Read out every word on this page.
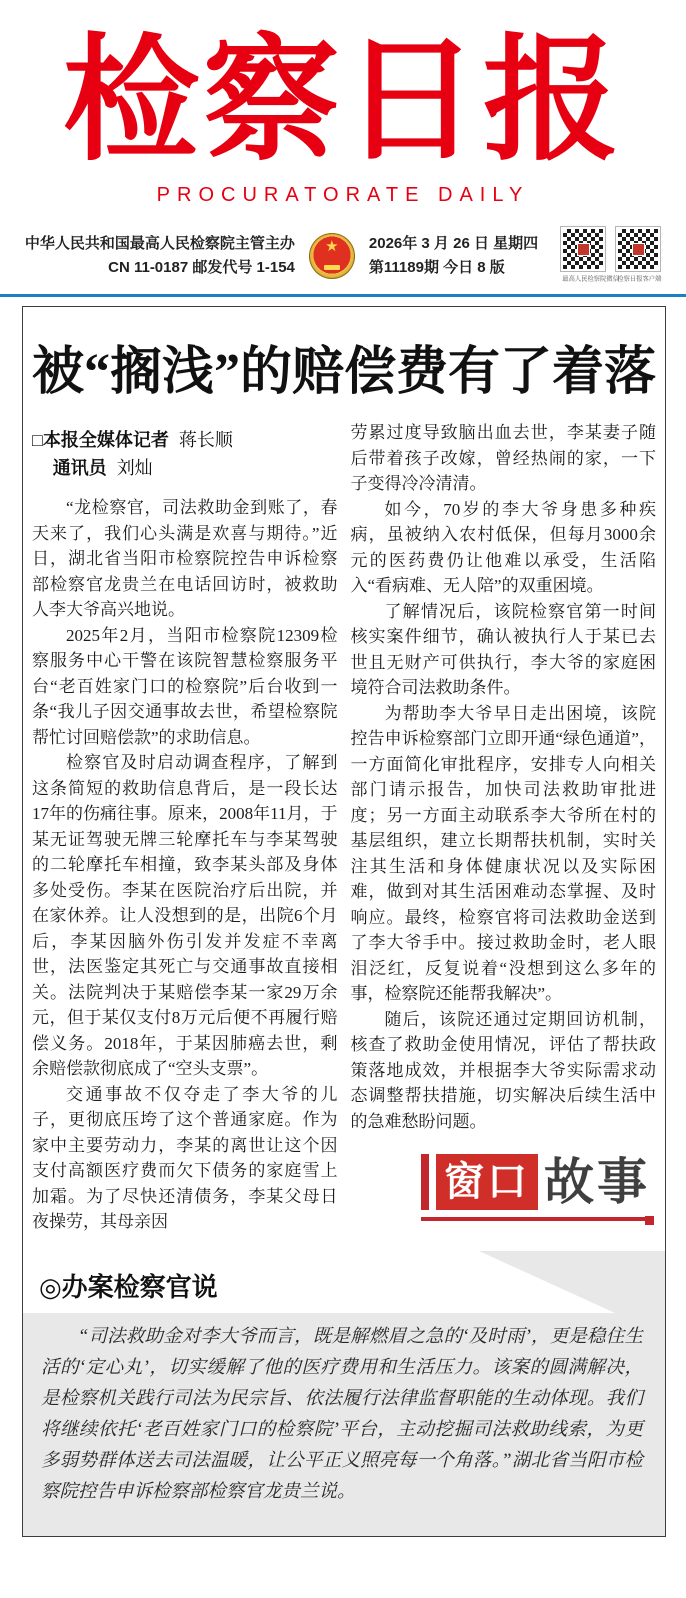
检察日报
PROCURATORATE DAILY
中华人民共和国最高人民检察院主管主办
CN 11-0187 邮发代号 1-154
★ 2026年 3 月 26 日 星期四
第11189期 今日 8 版
最高人民检察院微信
检察日报客户端
被“搁浅”的赔偿费有了着落
□本报全媒体记者 蒋长顺
通讯员 刘灿

“龙检察官，司法救助金到账了，春天来了，我们心头满是欢喜与期待。”近日，湖北省当阳市检察院控告申诉检察部检察官龙贵兰在电话回访时，被救助人李大爷高兴地说。

2025年2月，当阳市检察院12309检察服务中心干警在该院智慧检察服务平台“老百姓家门口的检察院”后台收到一条“我儿子因交通事故去世，希望检察院帮忙讨回赔偿款”的求助信息。

检察官及时启动调查程序，了解到这条简短的救助信息背后，是一段长达17年的伤痛往事。原来，2008年11月，于某无证驾驶无牌三轮摩托车与李某驾驶的二轮摩托车相撞，致李某头部及身体多处受伤。李某在医院治疗后出院，并在家休养。让人没想到的是，出院6个月后，李某因脑外伤引发并发症不幸离世，法医鉴定其死亡与交通事故直接相关。法院判决于某赔偿李某一家29万余元，但于某仅支付8万元后便不再履行赔偿义务。2018年，于某因肺癌去世，剩余赔偿款彻底成了“空头支票”。

交通事故不仅夺走了李大爷的儿子，更彻底压垮了这个普通家庭。作为家中主要劳动力，李某的离世让这个因支付高额医疗费而欠下债务的家庭雪上加霜。为了尽快还清债务，李某父母日夜操劳，其母亲因

劳累过度导致脑出血去世，李某妻子随后带着孩子改嫁，曾经热闹的家，一下子变得冷冷清清。

如今，70岁的李大爷身患多种疾病，虽被纳入农村低保，但每月3000余元的医药费仍让他难以承受，生活陷入“看病难、无人陪”的双重困境。

了解情况后，该院检察官第一时间核实案件细节，确认被执行人于某已去世且无财产可供执行，李大爷的家庭困境符合司法救助条件。

为帮助李大爷早日走出困境，该院控告申诉检察部门立即开通“绿色通道”，一方面简化审批程序，安排专人向相关部门请示报告，加快司法救助审批进度；另一方面主动联系李大爷所在村的基层组织，建立长期帮扶机制，实时关注其生活和身体健康状况以及实际困难，做到对其生活困难动态掌握、及时响应。最终，检察官将司法救助金送到了李大爷手中。接过救助金时，老人眼泪泛红，反复说着“没想到这么多年的事，检察院还能帮我解决”。

随后，该院还通过定期回访机制，核查了救助金使用情况，评估了帮扶政策落地成效，并根据李大爷实际需求动态调整帮扶措施，切实解决后续生活中的急难愁盼问题。

窗口 故事
◎办案检察官说

“司法救助金对李大爷而言，既是解燃眉之急的‘及时雨’，更是稳住生活的‘定心丸’，切实缓解了他的医疗费用和生活压力。该案的圆满解决，是检察机关践行司法为民宗旨、依法履行法律监督职能的生动体现。我们将继续依托‘老百姓家门口的检察院’平台，主动挖掘司法救助线索，为更多弱势群体送去司法温暖，让公平正义照亮每一个角落。”湖北省当阳市检察院控告申诉检察部检察官龙贵兰说。
